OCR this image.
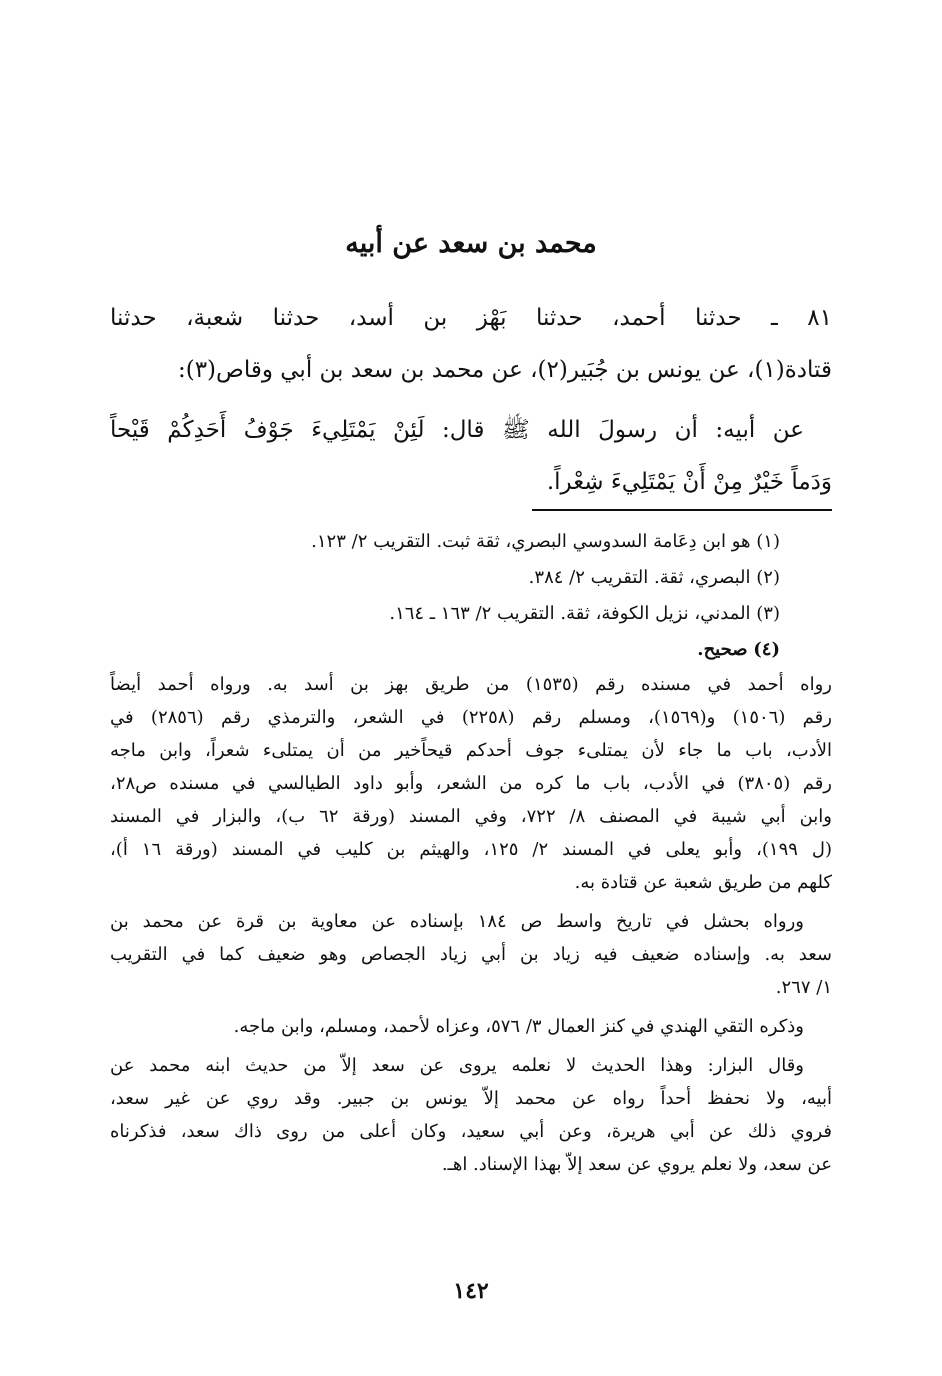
محمد بن سعد عن أبيه
٨١ ـ حدثنا أحمد، حدثنا بَهْز بن أسد، حدثنا شعبة، حدثنا
قتادة(١)، عن يونس بن جُبَير(٢)، عن محمد بن سعد بن أبي وقاص(٣):
عن أبيه: أن رسولَ الله ﷺ قال: لَئِنْ يَمْتَلِيءَ جَوْفُ أَحَدِكُمْ قَيْحاً
وَدَماً خَيْرٌ مِنْ أَنْ يَمْتَلِيءَ شِعْراً.
(١) هو ابن دِعَامة السدوسي البصري، ثقة ثبت. التقريب ٢/ ١٢٣.
(٢) البصري، ثقة. التقريب ٢/ ٣٨٤.
(٣) المدني، نزيل الكوفة، ثقة. التقريب ٢/ ١٦٣ ـ ١٦٤.
(٤) صحيح.
رواه أحمد في مسنده رقم (١٥٣٥) من طريق بهز بن أسد به. ورواه أحمد أيضاً
رقم (١٥٠٦) و(١٥٦٩)، ومسلم رقم (٢٢٥٨) في الشعر، والترمذي رقم (٢٨٥٦) في
الأدب، باب ما جاء لأن يمتلىء جوف أحدكم قيحاًخير من أن يمتلىء شعراً، وابن ماجه
رقم (٣٨٠٥) في الأدب، باب ما كره من الشعر، وأبو داود الطيالسي في مسنده ص٢٨،
وابن أبي شيبة في المصنف ٨/ ٧٢٢، وفي المسند (ورقة ٦٢ ب)، والبزار في المسند
(ل ١٩٩)، وأبو يعلى في المسند ٢/ ١٢٥، والهيثم بن كليب في المسند (ورقة ١٦ أ)،
كلهم من طريق شعبة عن قتادة به.
ورواه بحشل في تاريخ واسط ص ١٨٤ بإسناده عن معاوية بن قرة عن محمد بن
سعد به. وإسناده ضعيف فيه زياد بن أبي زياد الجصاص وهو ضعيف كما في التقريب
١/ ٢٦٧.
وذكره التقي الهندي في كنز العمال ٣/ ٥٧٦، وعزاه لأحمد، ومسلم، وابن ماجه.
وقال البزار: وهذا الحديث لا نعلمه يروى عن سعد إلاّ من حديث ابنه محمد عن
أبيه، ولا نحفظ أحداً رواه عن محمد إلاّ يونس بن جبير. وقد روي عن غير سعد،
فروي ذلك عن أبي هريرة، وعن أبي سعيد، وكان أعلى من روى ذاك سعد، فذكرناه
عن سعد، ولا نعلم يروي عن سعد إلاّ بهذا الإسناد. اهـ.
١٤٢
